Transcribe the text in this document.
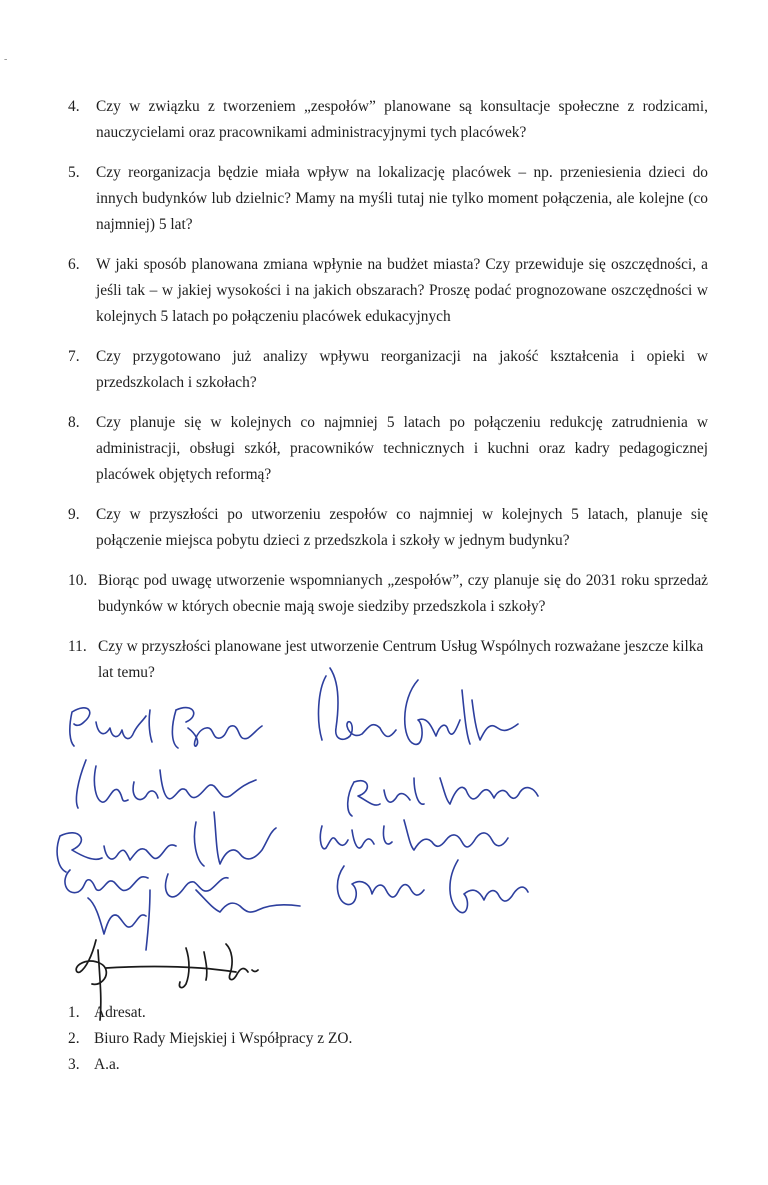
-
4.	Czy w związku z tworzeniem „zespołów” planowane są konsultacje społeczne z rodzicami, nauczycielami oraz pracownikami administracyjnymi tych placówek?
5.	Czy reorganizacja będzie miała wpływ na lokalizację placówek – np. przeniesienia dzieci do innych budynków lub dzielnic? Mamy na myśli tutaj nie tylko moment połączenia, ale kolejne (co najmniej) 5 lat?
6.	W jaki sposób planowana zmiana wpłynie na budżet miasta? Czy przewiduje się oszczędności, a jeśli tak – w jakiej wysokości i na jakich obszarach? Proszę podać prognozowane oszczędności w kolejnych 5 latach po połączeniu placówek edukacyjnych
7.	Czy przygotowano już analizy wpływu reorganizacji na jakość kształcenia i opieki w przedszkolach i szkołach?
8.	Czy planuje się w kolejnych co najmniej 5 latach po połączeniu redukcję zatrudnienia w administracji, obsługi szkół, pracowników technicznych i kuchni oraz kadry pedagogicznej placówek objętych reformą?
9.	Czy w przyszłości po utworzeniu zespołów co najmniej w kolejnych 5 latach, planuje się połączenie miejsca pobytu dzieci z przedszkola i szkoły w jednym budynku?
10. Biorąc pod uwagę utworzenie wspomnianych „zespołów”, czy planuje się do 2031 roku sprzedaż budynków w których obecnie mają swoje siedziby przedszkola i szkoły?
11. Czy w przyszłości planowane jest utworzenie Centrum Usług Wspólnych rozważane jeszcze kilka lat temu?
1. Adresat.
2. Biuro Rady Miejskiej i Współpracy z ZO.
3. A.a.
